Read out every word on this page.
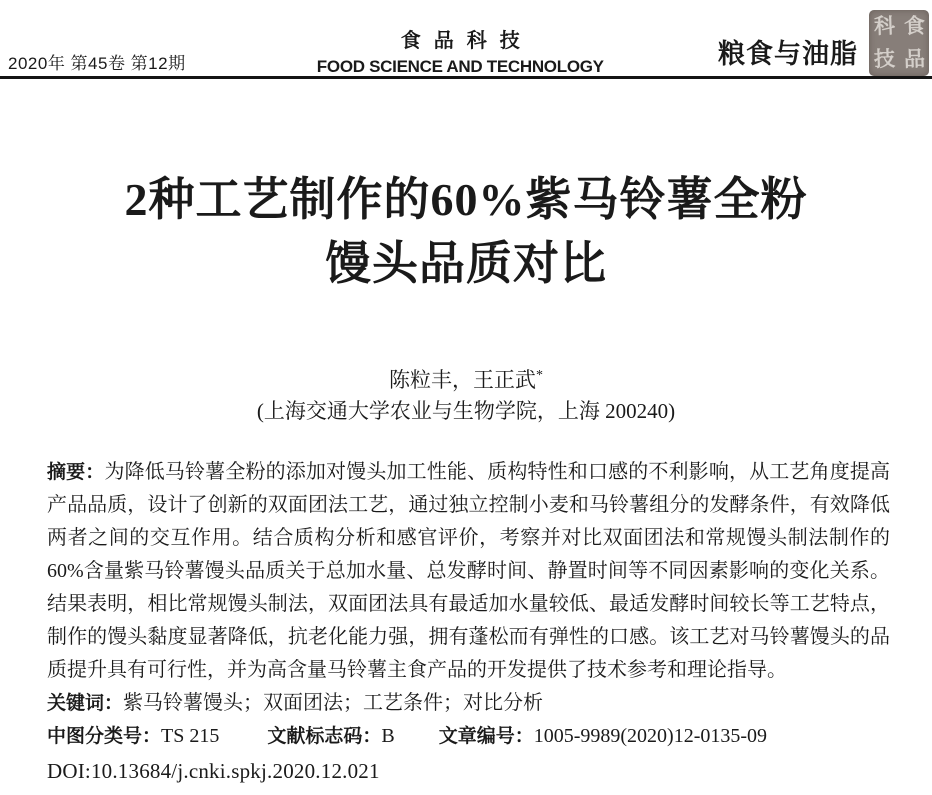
2020年 第45卷 第12期
食品科技
FOOD SCIENCE AND TECHNOLOGY	粮食与油脂
科 食
技 品
2种工艺制作的60%紫马铃薯全粉
馒头品质对比
陈粒丰，王正武*
(上海交通大学农业与生物学院，上海 200240)

摘要：为降低马铃薯全粉的添加对馒头加工性能、质构特性和口感的不利影响，从工艺角度提高产品品质，设计了创新的双面团法工艺，通过独立控制小麦和马铃薯组分的发酵条件，有效降低两者之间的交互作用。结合质构分析和感官评价，考察并对比双面团法和常规馒头制法制作的60%含量紫马铃薯馒头品质关于总加水量、总发酵时间、静置时间等不同因素影响的变化关系。结果表明，相比常规馒头制法，双面团法具有最适加水量较低、最适发酵时间较长等工艺特点，制作的馒头黏度显著降低，抗老化能力强，拥有蓬松而有弹性的口感。该工艺对马铃薯馒头的品质提升具有可行性，并为高含量马铃薯主食产品的开发提供了技术参考和理论指导。

关键词：紫马铃薯馒头；双面团法；工艺条件；对比分析
中图分类号：TS 215	文献标志码：B 文章编号：1005-9989(2020)12-0135-09
DOI:10.13684/j.cnki.spkj.2020.12.021
